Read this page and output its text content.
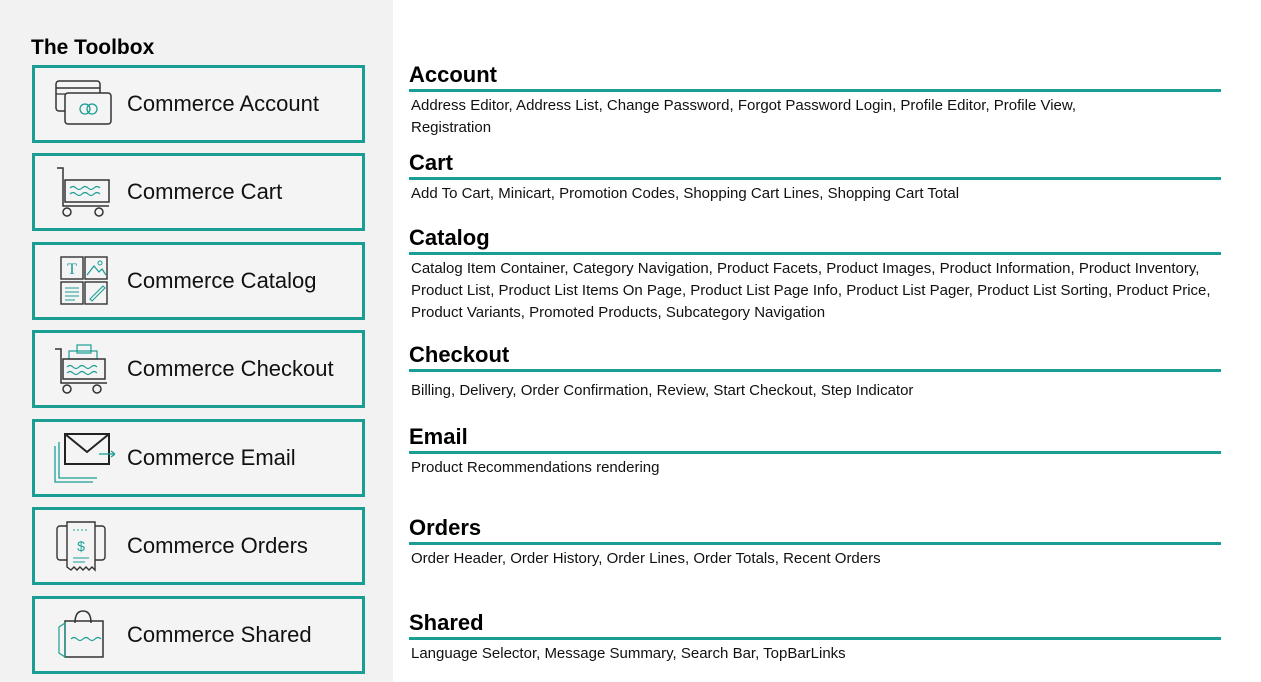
The Toolbox
Commerce Account
Commerce Cart
T Commerce Catalog
Commerce Checkout
Commerce Email
$ Commerce Orders
Commerce Shared
Account
Address Editor, Address List, Change Password, Forgot Password Login, Profile Editor, Profile View, Registration
Cart
Add To Cart, Minicart, Promotion Codes, Shopping Cart Lines, Shopping Cart Total
Catalog
Catalog Item Container, Category Navigation, Product Facets, Product Images, Product Information, Product Inventory, Product List, Product List Items On Page, Product List Page Info, Product List Pager, Product List Sorting, Product Price, Product Variants, Promoted Products, Subcategory Navigation
Checkout
Billing, Delivery, Order Confirmation, Review, Start Checkout, Step Indicator
Email
Product Recommendations rendering
Orders
Order Header, Order History, Order Lines, Order Totals, Recent Orders
Shared
Language Selector, Message Summary, Search Bar, TopBarLinks
